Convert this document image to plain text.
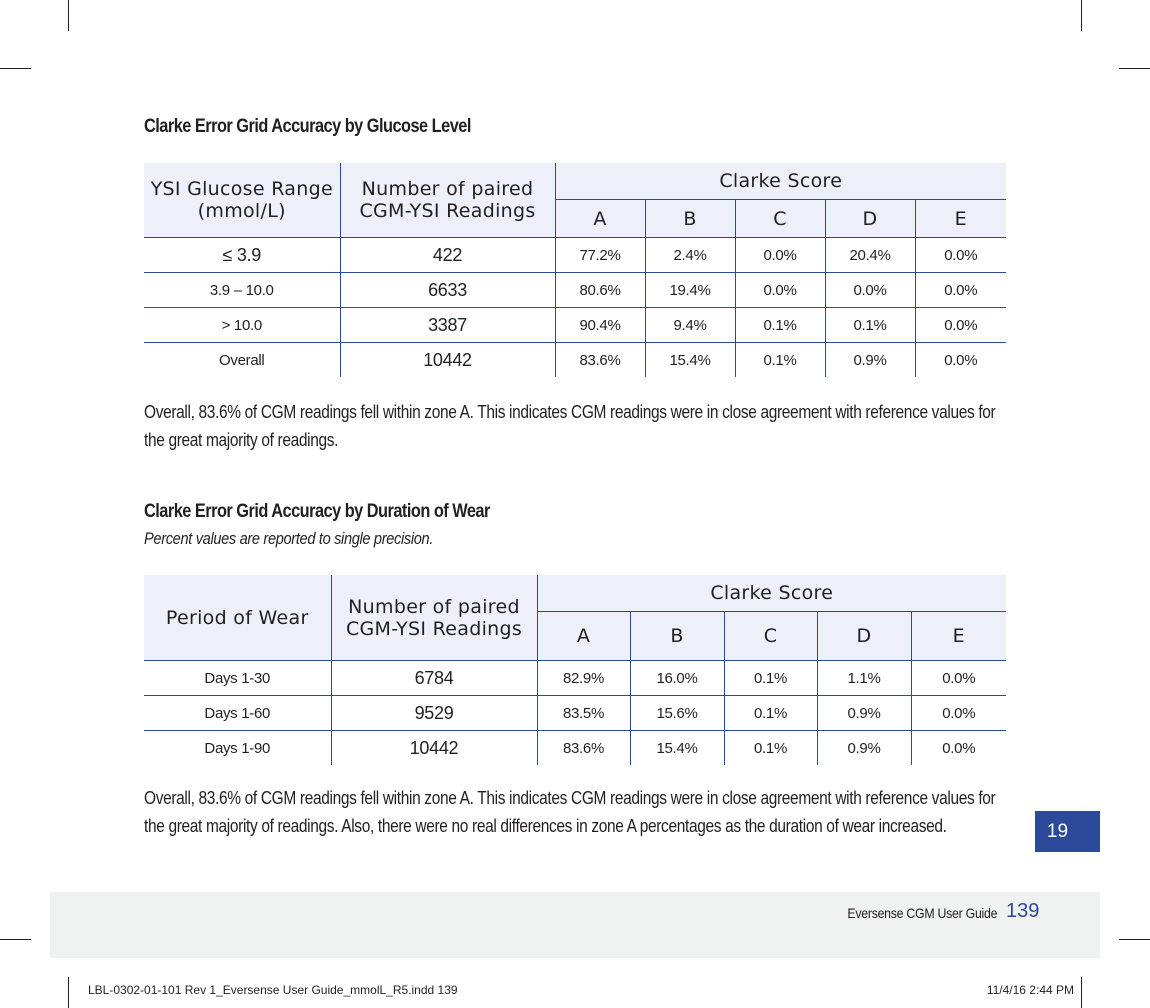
Clarke Error Grid Accuracy by Glucose Level
YSI Glucose Range (mmol/L)	Number of paired CGM-YSI Readings	Clarke Score				
		A	B	C	D	E
≤ 3.9	422	77.2%	2.4%	0.0%	20.4%	0.0%
3.9 – 10.0	6633	80.6%	19.4%	0.0%	0.0%	0.0%
> 10.0	3387	90.4%	9.4%	0.1%	0.1%	0.0%
Overall	10442	83.6%	15.4%	0.1%	0.9%	0.0%

Overall, 83.6% of CGM readings fell within zone A. This indicates CGM readings were in close agreement with reference values for the great majority of readings.

Clarke Error Grid Accuracy by Duration of Wear

Percent values are reported to single precision.

Period of Wear	Number of paired CGM-YSI Readings	Clarke Score				
		A	B	C	D	E
Days 1-30	6784	82.9%	16.0%	0.1%	1.1%	0.0%
Days 1-60	9529	83.5%	15.6%	0.1%	0.9%	0.0%
Days 1-90	10442	83.6%	15.4%	0.1%	0.9%	0.0%

Overall, 83.6% of CGM readings fell within zone A. This indicates CGM readings were in close agreement with reference values for the great majority of readings. Also, there were no real differences in zone A percentages as the duration of wear increased.	19
Eversense CGM User Guide 139
LBL-0302-01-101 Rev 1_Eversense User Guide_mmolL_R5.indd 139	11/4/16 2:44 PM
